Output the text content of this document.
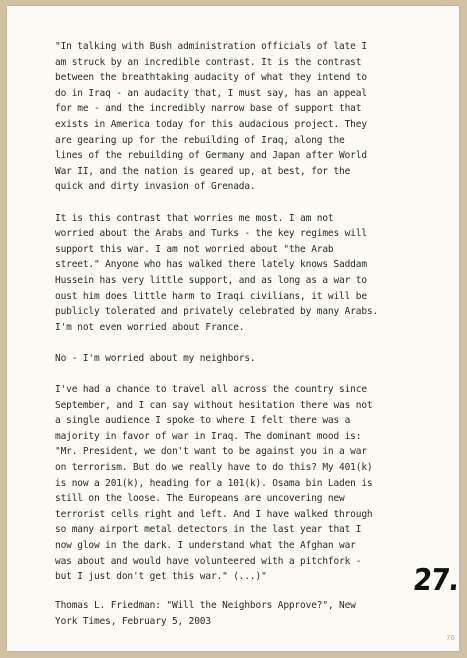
"In talking with Bush administration officials of late I
am struck by an incredible contrast. It is the contrast
between the breathtaking audacity of what they intend to
do in Iraq - an audacity that, I must say, has an appeal
for me - and the incredibly narrow base of support that
exists in America today for this audacious project. They
are gearing up for the rebuilding of Iraq, along the
lines of the rebuilding of Germany and Japan after World
War II, and the nation is geared up, at best, for the
quick and dirty invasion of Grenada.

It is this contrast that worries me most. I am not
worried about the Arabs and Turks - the key regimes will
support this war. I am not worried about "the Arab
street." Anyone who has walked there lately knows Saddam
Hussein has very little support, and as long as a war to
oust him does little harm to Iraqi civilians, it will be
publicly tolerated and privately celebrated by many Arabs.
I'm not even worried about France.

No - I'm worried about my neighbors.

I've had a chance to travel all across the country since
September, and I can say without hesitation there was not
a single audience I spoke to where I felt there was a
majority in favor of war in Iraq. The dominant mood is:
"Mr. President, we don't want to be against you in a war
on terrorism. But do we really have to do this? My 401(k)
is now a 201(k), heading for a 101(k). Osama bin Laden is
still on the loose. The Europeans are uncovering new
terrorist cells right and left. And I have walked through
so many airport metal detectors in the last year that I
now glow in the dark. I understand what the Afghan war
was about and would have volunteered with a pitchfork -
but I just don't get this war." (...)"	27.
Thomas L. Friedman: "Will the Neighbors Approve?", New
York Times, February 5, 2003
76
